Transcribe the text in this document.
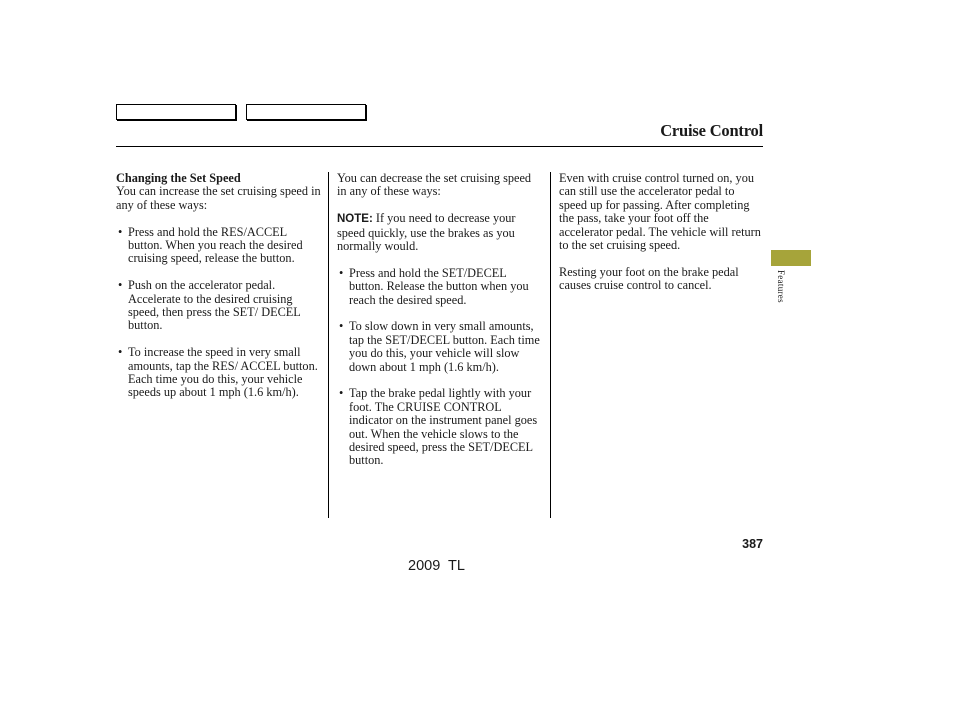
Cruise Control
Features
Changing the Set Speed

You can increase the set cruising speed in any of these ways:

• Press and hold the RES/ACCEL button. When you reach the desired cruising speed, release the button.
• Push on the accelerator pedal. Accelerate to the desired cruising speed, then press the SET/ DECEL button.
• To increase the speed in very small amounts, tap the RES/ ACCEL button. Each time you do this, your vehicle speeds up about 1 mph (1.6 km/h).

You can decrease the set cruising speed in any of these ways:

NOTE: If you need to decrease your speed quickly, use the brakes as you normally would.

• Press and hold the SET/DECEL button. Release the button when you reach the desired speed.
• To slow down in very small amounts, tap the SET/DECEL button. Each time you do this, your vehicle will slow down about 1 mph (1.6 km/h).
• Tap the brake pedal lightly with your foot. The CRUISE CONTROL indicator on the instrument panel goes out. When the vehicle slows to the desired speed, press the SET/DECEL button.

Even with cruise control turned on, you can still use the accelerator pedal to speed up for passing. After completing the pass, take your foot off the accelerator pedal. The vehicle will return to the set cruising speed.

Resting your foot on the brake pedal causes cruise control to cancel.

387
2009  TL
